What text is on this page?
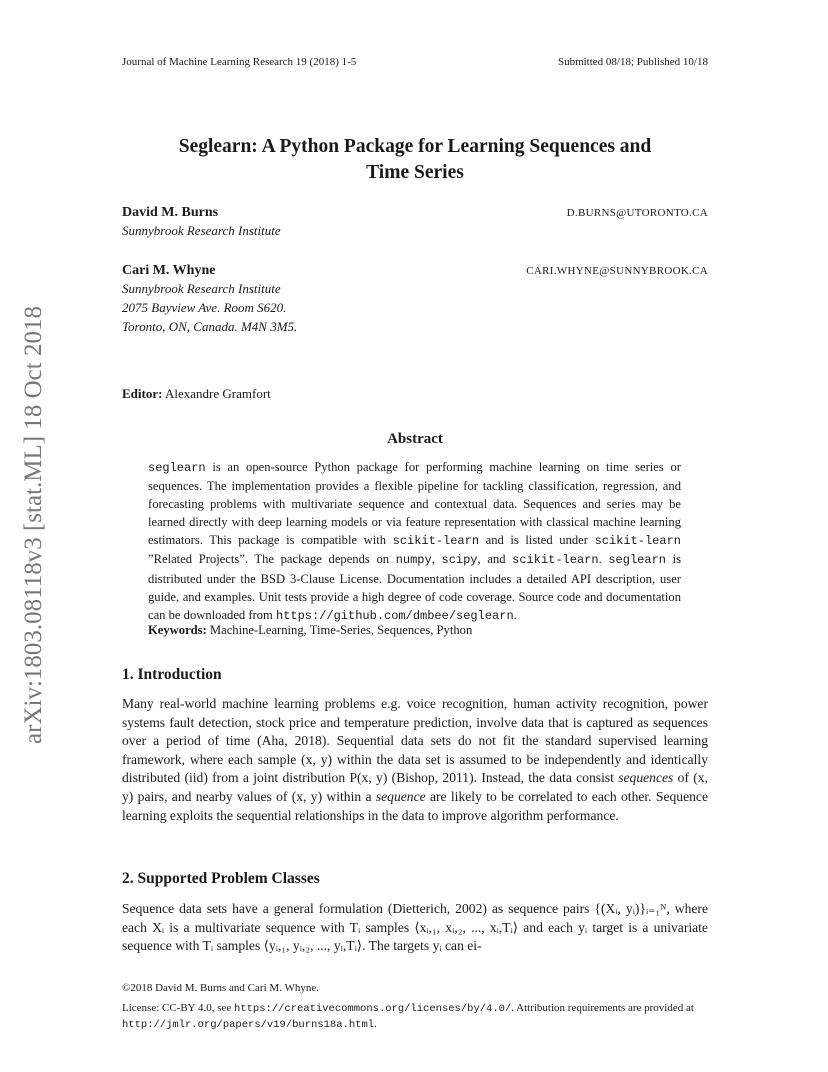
Journal of Machine Learning Research 19 (2018) 1-5	Submitted 08/18; Published 10/18
Seglearn: A Python Package for Learning Sequences and
Time Series
David M. Burns	D.BURNS@UTORONTO.CA
Sunnybrook Research Institute
Cari M. Whyne	CARI.WHYNE@SUNNYBROOK.CA
Sunnybrook Research Institute
2075 Bayview Ave. Room S620.
Toronto, ON, Canada. M4N 3M5.
Editor: Alexandre Gramfort
Abstract
seglearn is an open-source Python package for performing machine learning on time series or sequences. The implementation provides a flexible pipeline for tackling classification, regression, and forecasting problems with multivariate sequence and contextual data. Sequences and series may be learned directly with deep learning models or via feature representation with classical machine learning estimators. This package is compatible with scikit-learn and is listed under scikit-learn ”Related Projects”. The package depends on numpy, scipy, and scikit-learn. seglearn is distributed under the BSD 3-Clause License. Documentation includes a detailed API description, user guide, and examples. Unit tests provide a high degree of code coverage. Source code and documentation can be downloaded from https://github.com/dmbee/seglearn.
Keywords: Machine-Learning, Time-Series, Sequences, Python
1. Introduction
Many real-world machine learning problems e.g. voice recognition, human activity recognition, power systems fault detection, stock price and temperature prediction, involve data that is captured as sequences over a period of time (Aha, 2018). Sequential data sets do not fit the standard supervised learning framework, where each sample (x, y) within the data set is assumed to be independently and identically distributed (iid) from a joint distribution P(x, y) (Bishop, 2011). Instead, the data consist sequences of (x, y) pairs, and nearby values of (x, y) within a sequence are likely to be correlated to each other. Sequence learning exploits the sequential relationships in the data to improve algorithm performance.
2. Supported Problem Classes
Sequence data sets have a general formulation (Dietterich, 2002) as sequence pairs {(Xᵢ, yᵢ)}ᵢ₌₁ᴺ, where each Xᵢ is a multivariate sequence with Tᵢ samples ⟨xᵢ,₁, xᵢ,₂, ..., xᵢ,Tᵢ⟩ and each yᵢ target is a univariate sequence with Tᵢ samples ⟨yᵢ,₁, yᵢ,₂, ..., yᵢ,Tᵢ⟩. The targets yᵢ can ei-
©2018 David M. Burns and Cari M. Whyne.
License: CC-BY 4.0, see https://creativecommons.org/licenses/by/4.0/. Attribution requirements are provided at http://jmlr.org/papers/v19/burns18a.html.
arXiv:1803.08118v3 [stat.ML] 18 Oct 2018
